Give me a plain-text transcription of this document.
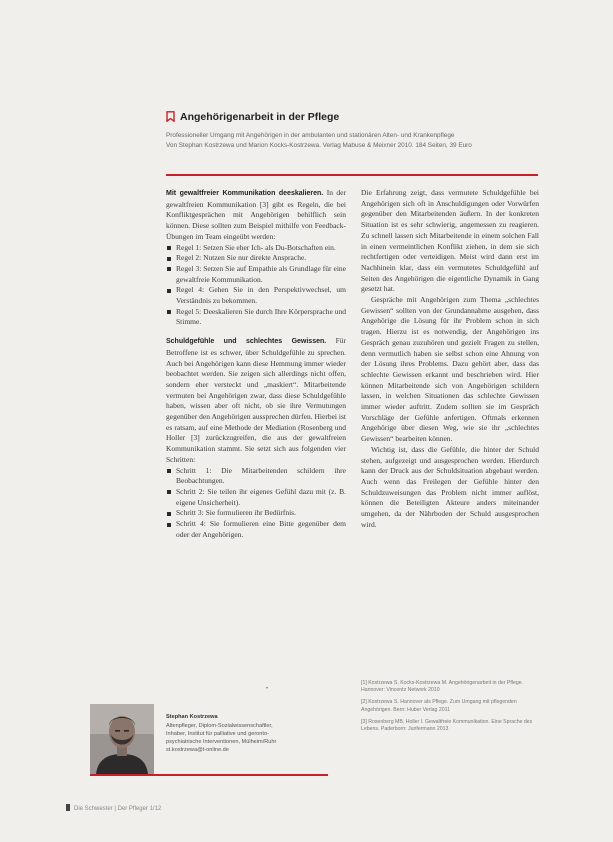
Angehörigenarbeit in der Pflege
Professioneller Umgang mit Angehörigen in der ambulanten und stationären Alten- und Krankenpflege
Von Stephan Kostrzewa und Marion Kocks-Kostrzewa. Verlag Mabuse & Meixner 2010. 184 Seiten, 39 Euro

Mit gewaltfreier Kommunikation deeskalieren. In der gewaltfreien Kommunikation [3] gibt es Regeln, die bei Konfliktgesprächen mit Angehörigen behilflich sein können. Diese sollten zum Beispiel mithilfe von Feedback-Übungen im Team eingeübt werden:

Regel 1: Setzen Sie eher Ich- als Du-Botschaften ein.
Regel 2: Nutzen Sie nur direkte Ansprache.
Regel 3: Setzen Sie auf Empathie als Grundlage für eine gewaltfreie Kommunikation.
Regel 4: Gehen Sie in den Perspektivwechsel, um Verständnis zu bekommen.
Regel 5: Deeskalieren Sie durch Ihre Körpersprache und Stimme.

Schuldgefühle und schlechtes Gewissen. Für Betroffene ist es schwer, über Schuldgefühle zu sprechen. Auch bei Angehörigen kann diese Hemmung immer wieder beobachtet werden. Sie zeigen sich allerdings nicht offen, sondern eher versteckt und „maskiert“. Mitarbeitende vermuten bei Angehörigen zwar, dass diese Schuldgefühle haben, wissen aber oft nicht, ob sie ihre Vermutungen gegenüber den Angehörigen aussprechen dürfen. Hierbei ist es ratsam, auf eine Methode der Mediation (Rosenberg und Holler [3] zurückzugreifen, die aus der gewaltfreien Kommunikation stammt. Sie setzt sich aus folgenden vier Schritten:

Schritt 1: Die Mitarbeitenden schildern ihre Beobachtungen.
Schritt 2: Sie teilen ihr eigenes Gefühl dazu mit (z. B. eigene Unsicherheit).
Schritt 3: Sie formulieren ihr Bedürfnis.
Schritt 4: Sie formulieren eine Bitte gegenüber dem oder der Angehörigen.
•

Die Erfahrung zeigt, dass vermutete Schuldgefühle bei Angehörigen sich oft in Anschuldigungen oder Vorwürfen gegenüber den Mitarbeitenden äußern. In der konkreten Situation ist es sehr schwierig, angemessen zu reagieren. Zu schnell lassen sich Mitarbeitende in einem solchen Fall in einen vermeintlichen Konflikt ziehen, in dem sie sich rechtfertigen oder verteidigen. Meist wird dann erst im Nachhinein klar, dass ein vermutetes Schuldgefühl auf Seiten des Angehörigen die eigentliche Dynamik in Gang gesetzt hat.

Gespräche mit Angehörigen zum Thema „schlechtes Gewissen“ sollten von der Grundannahme ausgehen, dass Angehörige die Lösung für ihr Problem schon in sich tragen. Hierzu ist es notwendig, der Angehörigen ins Gespräch genau zuzuhören und gezielt Fragen zu stellen, denn vermutlich haben sie selbst schon eine Ahnung von der Lösung ihres Problems. Dazu gehört aber, dass das schlechte Gewissen erkannt und beschrieben wird. Hier können Mitarbeitende sich von Angehörigen schildern lassen, in welchen Situationen das schlechte Gewissen immer wieder auftritt. Zudem sollten sie im Gespräch Vorschläge der Gefühle anfertigen. Oftmals erkennen Angehörige über diesen Weg, wie sie ihr „schlechtes Gewissen“ bearbeiten können.

Wichtig ist, dass die Gefühle, die hinter der Schuld stehen, aufgezeigt und ausgesprochen werden. Hierdurch kann der Druck aus der Schuldsituation abgebaut werden. Auch wenn das Freilegen der Gefühle hinter den Schuldzuweisungen das Problem nicht immer auflöst, können die Beteiligten Akteure anders miteinander umgehen, da der Nährboden der Schuld ausgesprochen wird.

[1] Kostrzewa S, Kocks-Kostrzewa M. Angehörigenarbeit in der Pflege. Hannover: Vincentz Network 2010

[2] Kostrzewa S. Hannover als Pflege. Zum Umgang mit pflegenden Angehörigen. Bern: Huber Verlag 2011

[3] Rosenberg MB, Holler I. Gewaltfreie Kommunikation. Eine Sprache des Lebens. Paderborn: Junfermann 2013

Stephan Kostrzewa
Altenpfleger, Diplom-Sozialwissenschaftler,
Inhaber, Institut für palliative und geronto-
psychiatrische Interventionen, Mülheim/Ruhr
st.kostrzewa@t-online.de
Die Schwester | Der Pfleger 1/12
